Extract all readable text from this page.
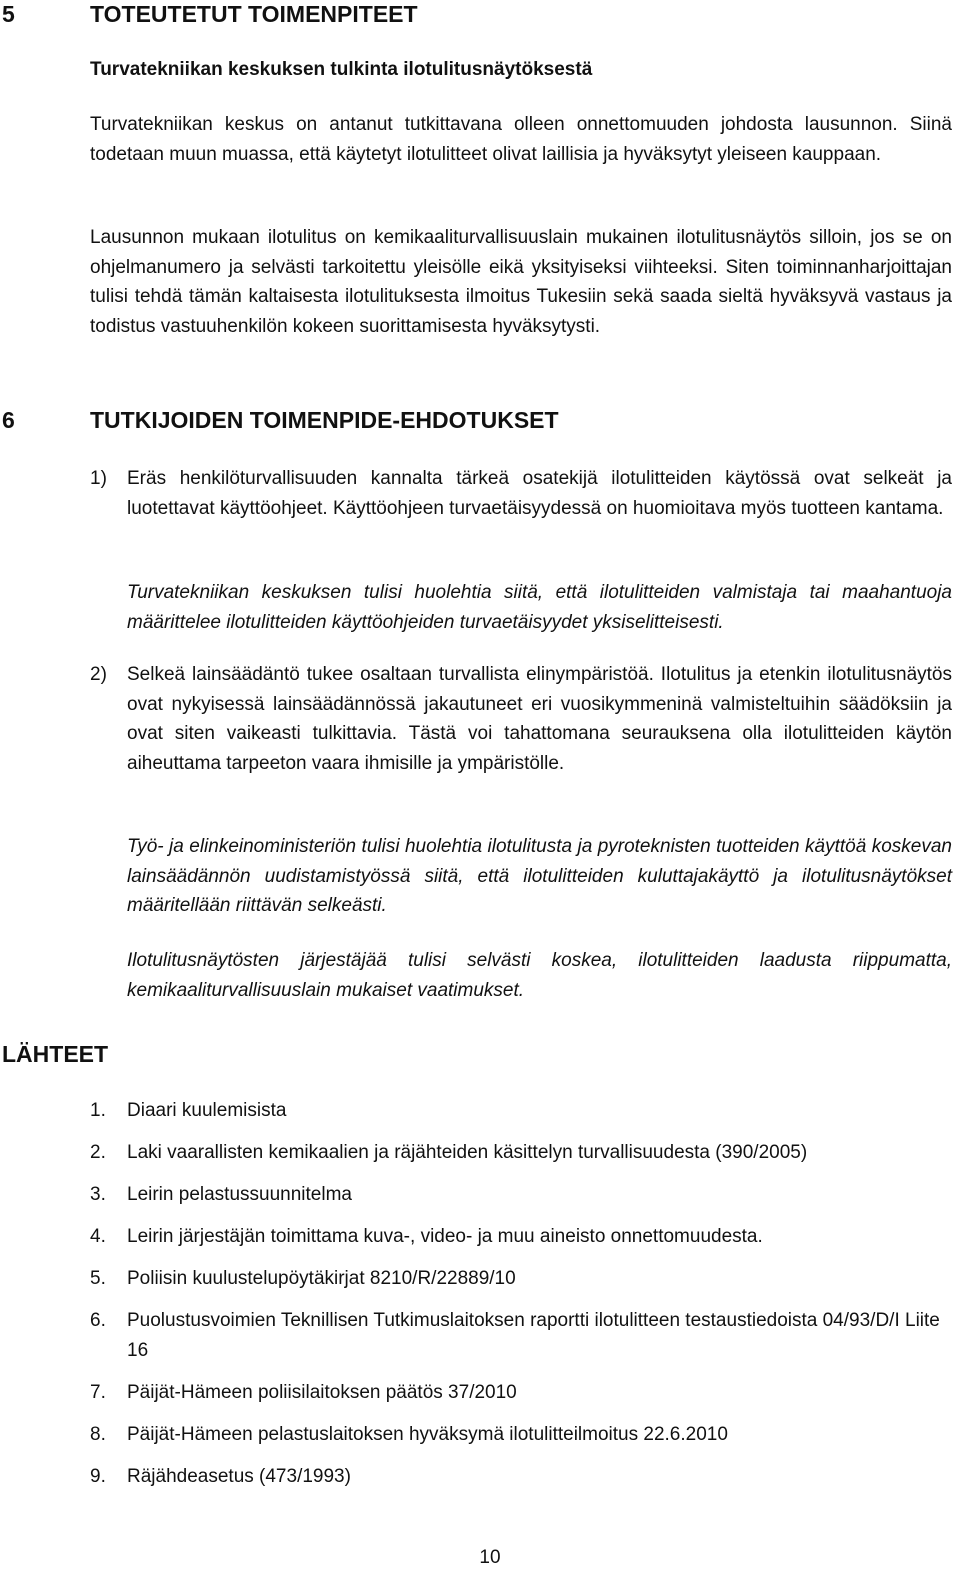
5	TOTEUTETUT TOIMENPITEET
Turvatekniikan keskuksen tulkinta ilotulitusnäytöksestä

Turvatekniikan keskus on antanut tutkittavana olleen onnettomuuden johdosta lausunnon. Siinä todetaan muun muassa, että käytetyt ilotulitteet olivat laillisia ja hyväksytyt yleiseen kauppaan.

Lausunnon mukaan ilotulitus on kemikaaliturvallisuuslain mukainen ilotulitusnäytös silloin, jos se on ohjelmanumero ja selvästi tarkoitettu yleisölle eikä yksityiseksi viihteeksi. Siten toiminnanharjoittajan tulisi tehdä tämän kaltaisesta ilotulituksesta ilmoitus Tukesiin sekä saada sieltä hyväksyvä vastaus ja todistus vastuuhenkilön kokeen suorittamisesta hyväksytysti.

6	TUTKIJOIDEN TOIMENPIDE-EHDOTUKSET
1) Eräs henkilöturvallisuuden kannalta tärkeä osatekijä ilotulitteiden käytössä ovat selkeät ja luotettavat käyttöohjeet. Käyttöohjeen turvaetäisyydessä on huomioitava myös tuotteen kantama.

Turvatekniikan keskuksen tulisi huolehtia siitä, että ilotulitteiden valmistaja tai maahantuoja määrittelee ilotulitteiden käyttöohjeiden turvaetäisyydet yksiselitteisesti.

2) Selkeä lainsäädäntö tukee osaltaan turvallista elinympäristöä. Ilotulitus ja etenkin ilotulitusnäytös ovat nykyisessä lainsäädännössä jakautuneet eri vuosikymmeninä valmisteltuihin säädöksiin ja ovat siten vaikeasti tulkittavia. Tästä voi tahattomana seurauksena olla ilotulitteiden käytön aiheuttama tarpeeton vaara ihmisille ja ympäristölle.

Työ- ja elinkeinoministeriön tulisi huolehtia ilotulitusta ja pyroteknisten tuotteiden käyttöä koskevan lainsäädännön uudistamistyössä siitä, että ilotulitteiden kuluttajakäyttö ja ilotulitusnäytökset määritellään riittävän selkeästi.

Ilotulitusnäytösten järjestäjää tulisi selvästi koskea, ilotulitteiden laadusta riippumatta, kemikaaliturvallisuuslain mukaiset vaatimukset.

LÄHTEET
1. Diaari kuulemisista
2. Laki vaarallisten kemikaalien ja räjähteiden käsittelyn turvallisuudesta (390/2005)
3. Leirin pelastussuunnitelma
4. Leirin järjestäjän toimittama kuva-, video- ja muu aineisto onnettomuudesta.
5. Poliisin kuulustelupöytäkirjat 8210/R/22889/10
6. Puolustusvoimien Teknillisen Tutkimuslaitoksen raportti ilotulitteen testaustiedoista 04/93/D/I Liite 16
7. Päijät-Hämeen poliisilaitoksen päätös 37/2010
8. Päijät-Hämeen pelastuslaitoksen hyväksymä ilotulitteilmoitus 22.6.2010
9. Räjähdeasetus (473/1993)
10
